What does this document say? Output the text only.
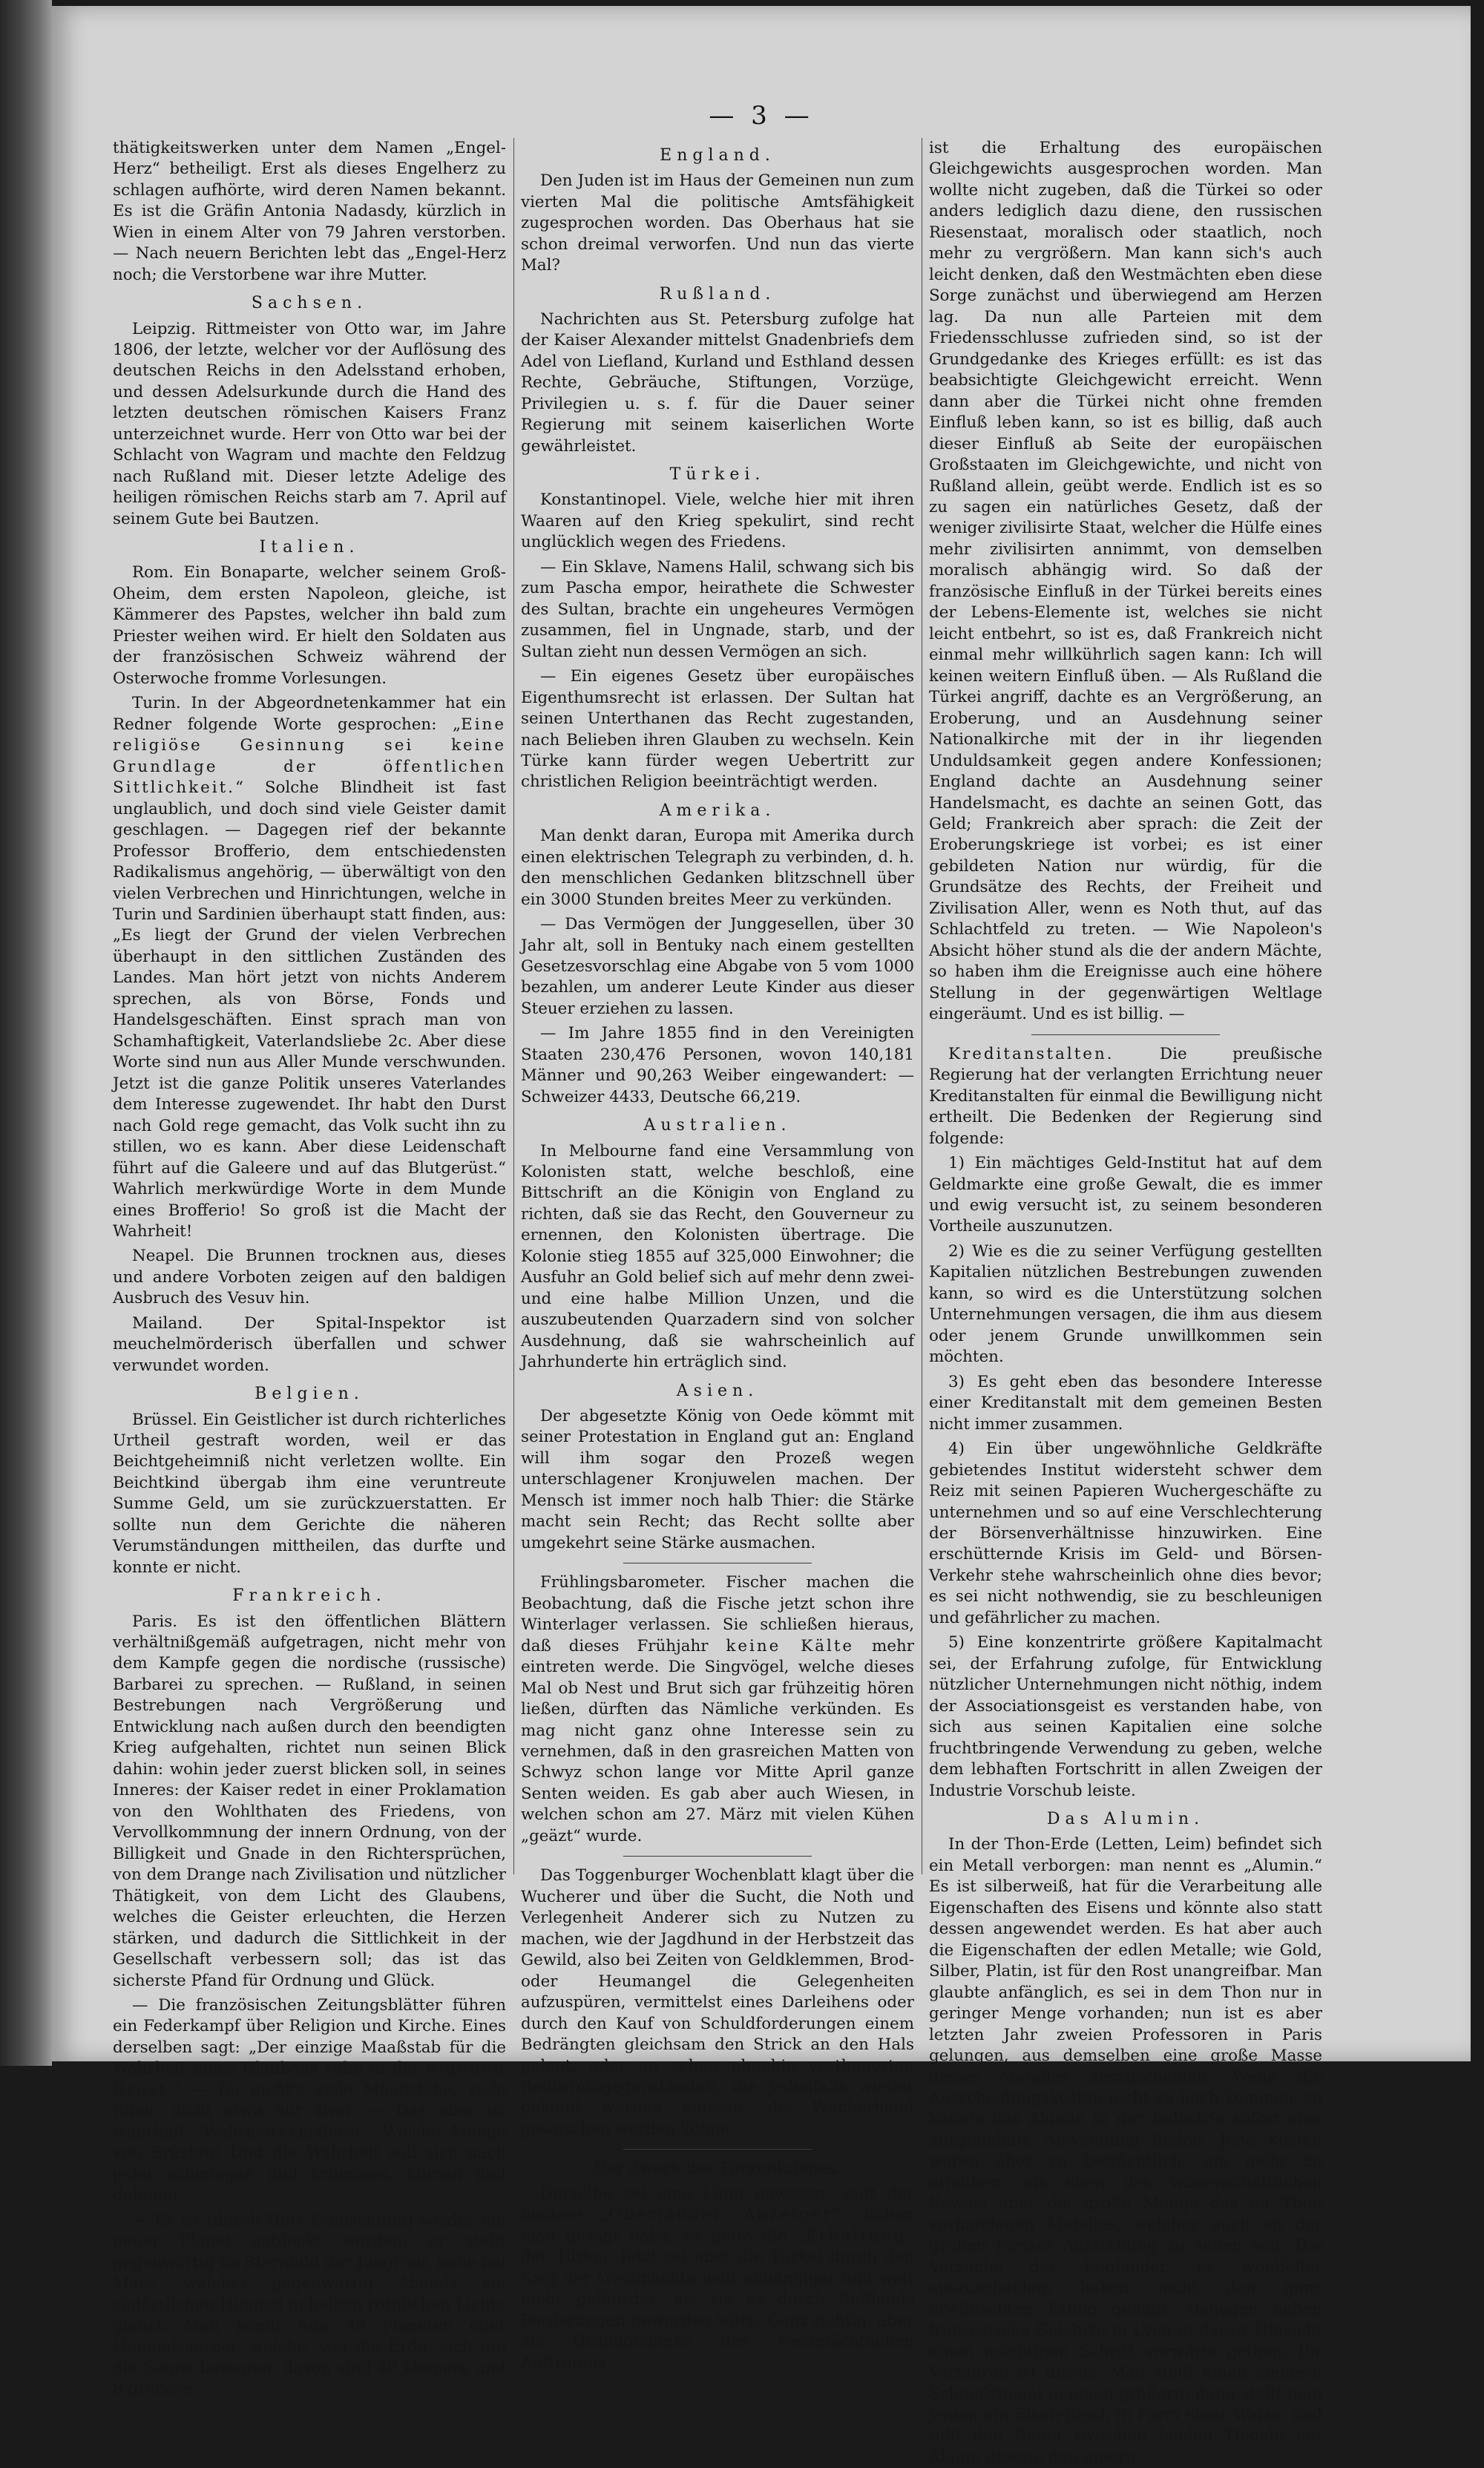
— 3 —

thätigkeitswerken unter dem Namen „Engel-Herz“ betheiligt. Erst als dieses Engelherz zu schlagen aufhörte, wird deren Namen bekannt. Es ist die Gräfin Antonia Nadasdy, kürzlich in Wien in einem Alter von 79 Jahren verstorben. — Nach neuern Berichten lebt das „Engel-Herz noch; die Verstorbene war ihre Mutter.

Sachsen.

Leipzig. Rittmeister von Otto war, im Jahre 1806, der letzte, welcher vor der Auflösung des deutschen Reichs in den Adelsstand erhoben, und dessen Adelsurkunde durch die Hand des letzten deutschen römischen Kaisers Franz unterzeichnet wurde. Herr von Otto war bei der Schlacht von Wagram und machte den Feldzug nach Rußland mit. Dieser letzte Adelige des heiligen römischen Reichs starb am 7. April auf seinem Gute bei Bautzen.

Italien.

Rom. Ein Bonaparte, welcher seinem Groß-Oheim, dem ersten Napoleon, gleiche, ist Kämmerer des Papstes, welcher ihn bald zum Priester weihen wird. Er hielt den Soldaten aus der französischen Schweiz während der Osterwoche fromme Vorlesungen.

Turin. In der Abgeordnetenkammer hat ein Redner folgende Worte gesprochen: „Eine religiöse Gesinnung sei keine Grundlage der öffentlichen Sittlichkeit.“ Solche Blindheit ist fast unglaublich, und doch sind viele Geister damit geschlagen. — Dagegen rief der bekannte Professor Brofferio, dem entschiedensten Radikalismus angehörig, — überwältigt von den vielen Verbrechen und Hinrichtungen, welche in Turin und Sardinien überhaupt statt finden, aus: „Es liegt der Grund der vielen Verbrechen überhaupt in den sittlichen Zuständen des Landes. Man hört jetzt von nichts Anderem sprechen, als von Börse, Fonds und Handelsgeschäften. Einst sprach man von Schamhaftigkeit, Vaterlandsliebe 2c. Aber diese Worte sind nun aus Aller Munde verschwunden. Jetzt ist die ganze Politik unseres Vaterlandes dem Interesse zugewendet. Ihr habt den Durst nach Gold rege gemacht, das Volk sucht ihn zu stillen, wo es kann. Aber diese Leidenschaft führt auf die Galeere und auf das Blutgerüst.“ Wahrlich merkwürdige Worte in dem Munde eines Brofferio! So groß ist die Macht der Wahrheit!

Neapel. Die Brunnen trocknen aus, dieses und andere Vorboten zeigen auf den baldigen Ausbruch des Vesuv hin.

Mailand.	Der Spital-Inspektor ist meuchelmörderisch überfallen und schwer verwundet worden.

Belgien.

Brüssel. Ein Geistlicher ist durch richterliches Urtheil gestraft worden, weil er das Beichtgeheimniß nicht verletzen wollte. Ein Beichtkind übergab ihm eine veruntreute Summe Geld, um sie zurückzuerstatten. Er sollte nun dem Gerichte die näheren Verumständungen mittheilen, das durfte und konnte er nicht.

Frankreich.

Paris. Es ist den öffentlichen Blättern verhältnißgemäß aufgetragen, nicht mehr von dem Kampfe gegen die nordische (russische) Barbarei zu sprechen. — Rußland, in seinen Bestrebungen nach Vergrößerung und Entwicklung nach außen durch den beendigten Krieg aufgehalten, richtet nun seinen Blick dahin: wohin jeder zuerst blicken soll, in seines Inneres: der Kaiser redet in einer Proklamation von den Wohlthaten des Friedens, von Vervollkommnung der innern Ordnung, von der Billigkeit und Gnade in den Richtersprüchen, von dem Drange nach Zivilisation und nützlicher Thätigkeit, von dem Licht des Glaubens, welches die Geister erleuchten, die Herzen stärken, und dadurch die Sittlichkeit in der Gesellschaft verbessern soll; das ist das sicherste Pfand für Ordnung und Glück.

— Die französischen Zeitungsblätter führen ein Federkampf über Religion und Kirche. Eines derselben sagt: „Der einzige Maaßstab für die Wahrheit eines Glaubens ruhe in der eigenen Brust.“ — Da giebt's viele Maaßstäbe, viele Ellen, nicht etwa nur zwei. — Das aber ist wahrhaft „Wahrheits-Quälerei.“ Welche Menge von Brüsten! Und die Wahrheit soll sich nach jeder schmiegen und krümmen, kürzen und dehnen!

— Es ist (durch Herr Goldschmid) wieder ein neuer Planet entdeckt worden; er steht gegenwärtig im Sternbild der Jungfrau, nahe bei Mars, welcher gegenwärtig Abends am südöstlichen Himmel in hellem röthlichen Lichte glänzt. Man kennt nun 48 Planeten oder Himmelskörper, welche, wie die Erde, sich um die Sonne bewegen, davon sind 40 kleinere und 8 größere.

England.

Den Juden ist im Haus der Gemeinen nun zum vierten Mal die politische Amtsfähigkeit zugesprochen worden. Das Oberhaus hat sie schon dreimal verworfen. Und nun das vierte Mal?

Rußland.

Nachrichten aus St. Petersburg zufolge hat der Kaiser Alexander mittelst Gnadenbriefs dem Adel von Liefland, Kurland und Esthland dessen Rechte, Gebräuche, Stiftungen, Vorzüge, Privilegien u. s. f. für die Dauer seiner Regierung mit seinem kaiserlichen Worte gewährleistet.

Türkei.

Konstantinopel. Viele, welche hier mit ihren Waaren auf den Krieg spekulirt, sind recht unglücklich wegen des Friedens.

— Ein Sklave, Namens Halil, schwang sich bis zum Pascha empor, heirathete die Schwester des Sultan, brachte ein ungeheures Vermögen zusammen, fiel in Ungnade, starb, und der Sultan zieht nun dessen Vermögen an sich.

— Ein eigenes Gesetz über europäisches Eigenthumsrecht ist erlassen. Der Sultan hat seinen Unterthanen das Recht zugestanden, nach Belieben ihren Glauben zu wechseln. Kein Türke kann fürder wegen Uebertritt zur christlichen Religion beeinträchtigt werden.

Amerika.

Man denkt daran, Europa mit Amerika durch einen elektrischen Telegraph zu verbinden, d. h. den menschlichen Gedanken blitzschnell über ein 3000 Stunden breites Meer zu verkünden.

— Das Vermögen der Junggesellen, über 30 Jahr alt, soll in Bentuky nach einem gestellten Gesetzesvorschlag eine Abgabe von 5 vom 1000 bezahlen, um anderer Leute Kinder aus dieser Steuer erziehen zu lassen.

— Im Jahre 1855 find in den Vereinigten Staaten 230,476 Personen, wovon 140,181 Männer und 90,263 Weiber eingewandert: — Schweizer 4433, Deutsche 66,219.

Australien.

In Melbourne fand eine Versammlung von Kolonisten statt, welche beschloß, eine Bittschrift an die Königin von England zu richten, daß sie das Recht, den Gouverneur zu ernennen, den Kolonisten übertrage. Die Kolonie stieg 1855 auf 325,000 Einwohner; die Ausfuhr an Gold belief sich auf mehr denn zwei- und eine halbe Million Unzen, und die auszubeutenden Quarzadern sind von solcher Ausdehnung, daß sie wahrscheinlich auf Jahrhunderte hin erträglich sind.

Asien.

Der abgesetzte König von Oede kömmt mit seiner Protestation in England gut an: England will ihm sogar den Prozeß wegen unterschlagener Kronjuwelen machen. Der Mensch ist immer noch halb Thier: die Stärke macht sein Recht; das Recht sollte aber umgekehrt seine Stärke ausmachen.

Frühlingsbarometer. Fischer machen die Beobachtung, daß die Fische jetzt schon ihre Winterlager verlassen. Sie schließen hieraus, daß dieses Frühjahr keine Kälte mehr eintreten werde. Die Singvögel, welche dieses Mal ob Nest und Brut sich gar frühzeitig hören ließen, dürften das Nämliche verkünden. Es mag nicht ganz ohne Interesse sein zu vernehmen, daß in den grasreichen Matten von Schwyz schon lange vor Mitte April ganze Senten weiden. Es gab aber auch Wiesen, in welchen schon am 27. März mit vielen Kühen „geäzt“ wurde.

Das Toggenburger Wochenblatt klagt über die Wucherer und über die Sucht, die Noth und Verlegenheit Anderer sich zu Nutzen zu machen, wie der Jagdhund in der Herbstzeit das Gewild, also bei Zeiten von Geldklemmen, Brod- oder Heumangel die Gelegenheiten aufzuspüren, vermittelst eines Darleihens oder durch den Kauf von Schuldforderungen einem Bedrängten gleichsam den Strick an den Hals gelegt, oder an schon ohnehin vertheuerten Bedürfnißgegenständen, die jedenfalls wieder gekauft werden müssen, die Wucherhand gewaschen werden könne.

Der Zweck des Türkenkrieges.

Derselbe sei eine Lüge gewesen, sagt der biedere „Oberländer Anzeiger“, indem man gesagt habe, es gelte die „Erhaltung“ der Türkei. Jetzt sei aber die Türkei durch den Sieg der Westmächte weit abhängiger und weit mehr gefährdet, als sie es durch Rußlands Forderungen geworden wäre. Ganz richtig, aber als Grundgedanke des westmächtlichen Auftretens

ist die Erhaltung des europäischen Gleichgewichts ausgesprochen worden. Man wollte nicht zugeben, daß die Türkei so oder anders lediglich dazu diene, den russischen Riesenstaat, moralisch oder staatlich, noch mehr zu vergrößern. Man kann sich's auch leicht denken, daß den Westmächten eben diese Sorge zunächst und überwiegend am Herzen lag. Da nun alle Parteien mit dem Friedensschlusse zufrieden sind, so ist der Grundgedanke des Krieges erfüllt: es ist das beabsichtigte Gleichgewicht erreicht. Wenn dann aber die Türkei nicht ohne fremden Einfluß leben kann, so ist es billig, daß auch dieser Einfluß ab Seite der europäischen Großstaaten im Gleichgewichte, und nicht von Rußland allein, geübt werde. Endlich ist es so zu sagen ein natürliches Gesetz, daß der weniger zivilisirte Staat, welcher die Hülfe eines mehr zivilisirten annimmt, von demselben moralisch abhängig wird. So daß der französische Einfluß in der Türkei bereits eines der Lebens-Elemente ist, welches sie nicht leicht entbehrt, so ist es, daß Frankreich nicht einmal mehr willkührlich sagen kann: Ich will keinen weitern Einfluß üben. — Als Rußland die Türkei angriff, dachte es an Vergrößerung, an Eroberung, und an Ausdehnung seiner Nationalkirche mit der in ihr liegenden Unduldsamkeit gegen andere Konfessionen; England dachte an Ausdehnung seiner Handelsmacht, es dachte an seinen Gott, das Geld; Frankreich aber sprach: die Zeit der Eroberungskriege ist vorbei; es ist einer gebildeten Nation nur würdig, für die Grundsätze des Rechts, der Freiheit und Zivilisation Aller, wenn es Noth thut, auf das Schlachtfeld zu treten. — Wie Napoleon's Absicht höher stund als die der andern Mächte, so haben ihm die Ereignisse auch eine höhere Stellung in der gegenwärtigen Weltlage eingeräumt. Und es ist billig. —

Kreditanstalten.	Die preußische Regierung hat der verlangten Errichtung neuer Kreditanstalten für einmal die Bewilligung nicht ertheilt. Die Bedenken der Regierung sind folgende:

1) Ein mächtiges Geld-Institut hat auf dem Geldmarkte eine große Gewalt, die es immer und ewig versucht ist, zu seinem besonderen Vortheile auszunutzen.

2) Wie es die zu seiner Verfügung gestellten Kapitalien nützlichen Bestrebungen zuwenden kann, so wird es die Unterstützung solchen Unternehmungen versagen, die ihm aus diesem oder jenem Grunde unwillkommen sein möchten.

3) Es geht eben das besondere Interesse einer Kreditanstalt mit dem gemeinen Besten nicht immer zusammen.

4) Ein über ungewöhnliche Geldkräfte gebietendes Institut widersteht schwer dem Reiz mit seinen Papieren Wuchergeschäfte zu unternehmen und so auf eine Verschlechterung der Börsenverhältnisse hinzuwirken. Eine erschütternde Krisis im Geld- und Börsen-Verkehr stehe wahrscheinlich ohne dies bevor; es sei nicht nothwendig, sie zu beschleunigen und gefährlicher zu machen.

5) Eine konzentrirte größere Kapitalmacht sei, der Erfahrung zufolge, für Entwicklung nützlicher Unternehmungen nicht nöthig, indem der Associationsgeist es verstanden habe, von sich aus seinen Kapitalien eine solche fruchtbringende Verwendung zu geben, welche dem lebhaften Fortschritt in allen Zweigen der Industrie Vorschub leiste.

Das Alumin.

In der Thon-Erde (Letten, Leim) befindet sich ein Metall verborgen: man nennt es „Alumin.“ Es ist silberweiß, hat für die Verarbeitung alle Eigenschaften des Eisens und könnte also statt dessen angewendet werden. Es hat aber auch die Eigenschaften der edlen Metalle; wie Gold, Silber, Platin, ist für den Rost unangreifbar. Man glaubte anfänglich, es sei in dem Thon nur in geringer Menge vorhanden; nun ist es aber letzten Jahr zweien Professoren in Paris gelungen, aus demselben eine große Masse dieses Metalles auszuscheiden. Wenn die Ausscheidungskosten nicht zu hoch kommen, so könnte das Alumin in der Industrie sofort eine ausgedehnte Anwendung finden. Jene Kosten waren aber zu beträchtlich, um mehr zu erlauben, als eben des wissenschaftlichen Beweis über die große Menge des im Thon vorhandenen Metalles, welches auch an der großen Pariser Ausstellung zu sehen war. Die Versuche der Engländer, es wohlfeiler auszuscheiden, haben nicht den ganz erwünschten Erfolg gehabt. Dagegen haben französische Gelehrte in Lyon in dieser Hinsicht einen mächtigen Schritt vorwärts gethan. Ihr Verfahren ist dieses. Man stellt einen kleinern Schmelztiegel in einen größern; dann stellt man jenem ein Eisen-Blech in Form einer Walze, und füllt den Raum zwischen beiden Tiegeln mit Alaun; diesen, den innern
